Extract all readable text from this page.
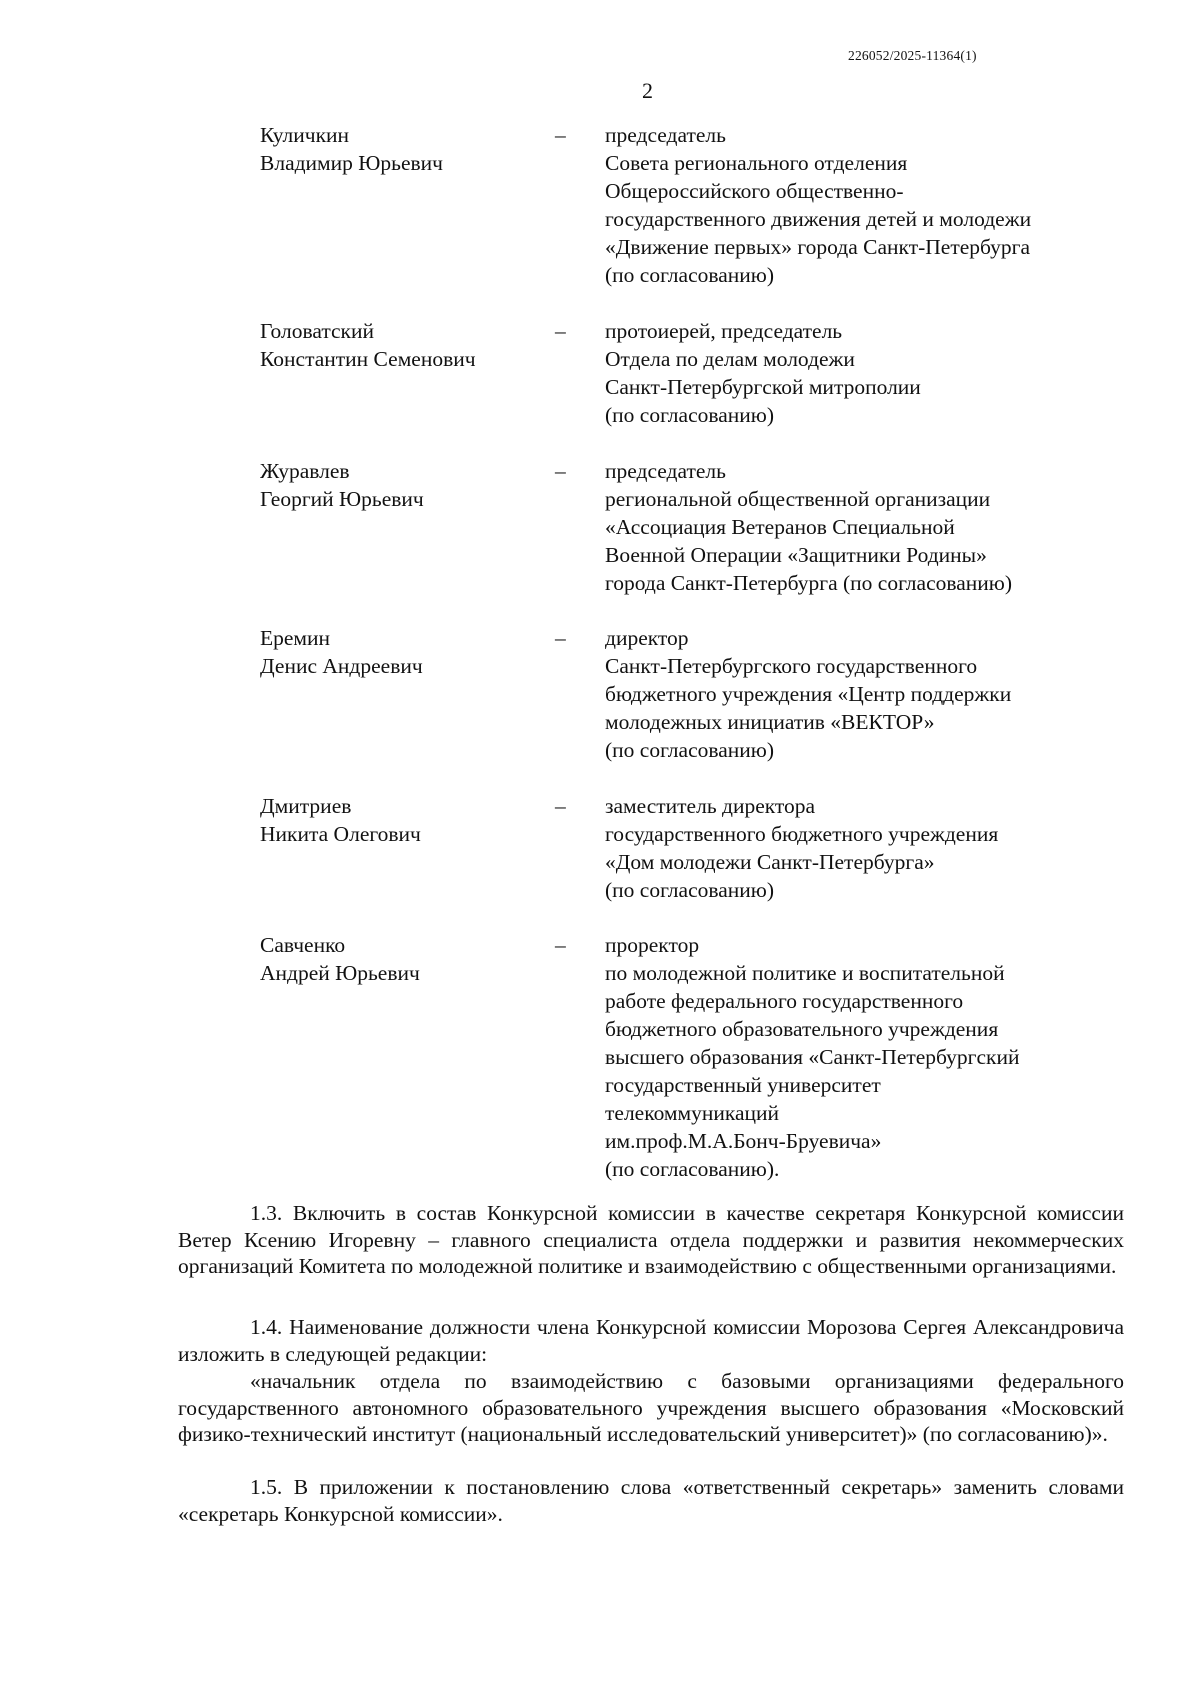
226052/2025-11364(1)
2
Куличкин
Владимир Юрьевич
– председатель
Совета регионального отделения
Общероссийского общественно-
государственного движения детей и молодежи
«Движение первых» города Санкт-Петербурга
(по согласованию)
Головатский
Константин Семенович
– протоиерей, председатель
Отдела по делам молодежи
Санкт-Петербургской митрополии
(по согласованию)
Журавлев
Георгий Юрьевич
– председатель
региональной общественной организации
«Ассоциация Ветеранов Специальной
Военной Операции «Защитники Родины»
города Санкт-Петербурга (по согласованию)
Еремин
Денис Андреевич
– директор
Санкт-Петербургского государственного
бюджетного учреждения «Центр поддержки
молодежных инициатив «ВЕКТОР»
(по согласованию)
Дмитриев
Никита Олегович
– заместитель директора
государственного бюджетного учреждения
«Дом молодежи Санкт-Петербурга»
(по согласованию)
Савченко
Андрей Юрьевич
– проректор
по молодежной политике и воспитательной
работе федерального государственного
бюджетного образовательного учреждения
высшего образования «Санкт-Петербургский
государственный университет
телекоммуникаций
им.проф.М.А.Бонч-Бруевича»
(по согласованию).

1.3. Включить в состав Конкурсной комиссии в качестве секретаря Конкурсной комиссии Ветер Ксению Игоревну – главного специалиста отдела поддержки и развития некоммерческих организаций Комитета по молодежной политике и взаимодействию с общественными организациями.

1.4. Наименование должности члена Конкурсной комиссии Морозова Сергея Александровича изложить в следующей редакции:

«начальник отдела по взаимодействию с базовыми организациями федерального государственного автономного образовательного учреждения высшего образования «Московский физико-технический институт (национальный исследовательский университет)» (по согласованию)».

1.5. В приложении к постановлению слова «ответственный секретарь» заменить словами «секретарь Конкурсной комиссии».
